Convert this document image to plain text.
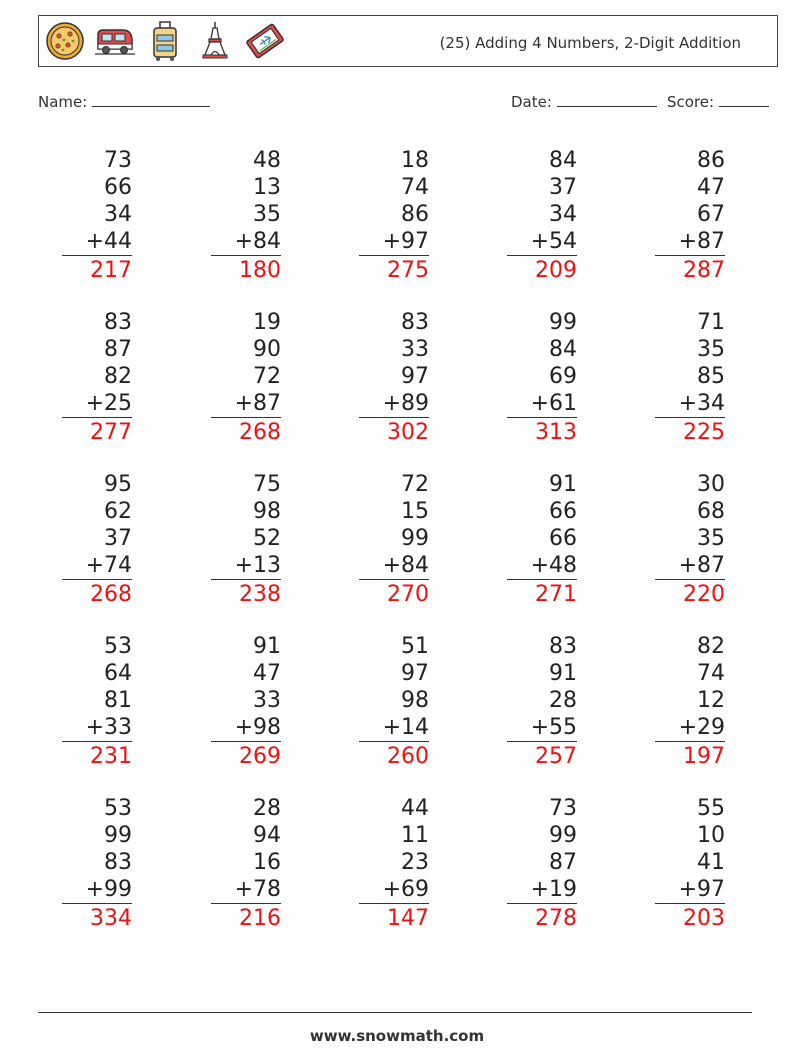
(25) Adding 4 Numbers, 2-Digit Addition
Name:	Date:	Score:
73
66
34
+44
217
48
13
35
+84
180
18
74
86
+97
275
84
37
34
+54
209
86
47
67
+87
287
83
87
82
+25
277
19
90
72
+87
268
83
33
97
+89
302
99
84
69
+61
313
71
35
85
+34
225
95
62
37
+74
268
75
98
52
+13
238
72
15
99
+84
270
91
66
66
+48
271
30
68
35
+87
220
53
64
81
+33
231
91
47
33
+98
269
51
97
98
+14
260
83
91
28
+55
257
82
74
12
+29
197
53
99
83
+99
334
28
94
16
+78
216
44
11
23
+69
147
73
99
87
+19
278
55
10
41
+97
203
www.snowmath.com
